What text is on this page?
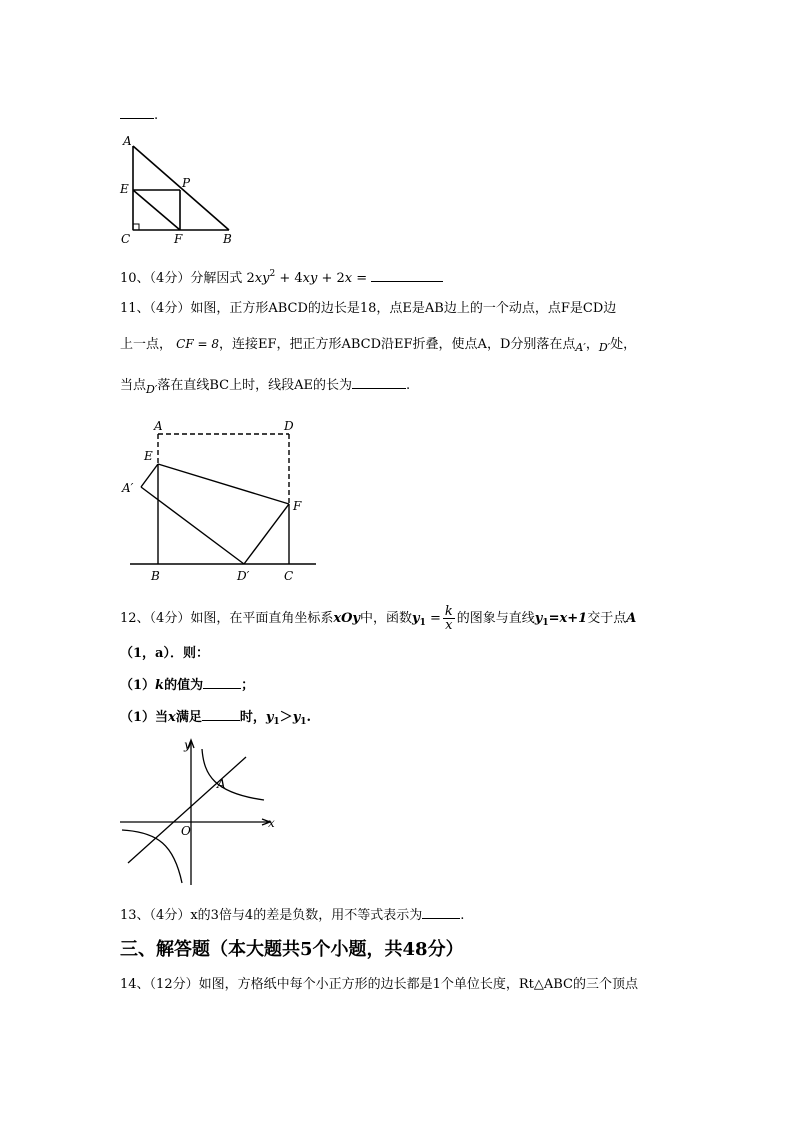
.
A
E	P
C	F	B
10、（4分）分解因式 $2xy^2 + 4xy + 2x$ =
11、（4分）如图，正方形ABCD的边长是18，点E是AB边上的一个动点，点F是CD边
上一点， CF = 8，连接EF，把正方形ABCD沿EF折叠，使点A，D分别落在点$_{A'}$，$_{D'}$处，
当点$_{D'}$落在直线BC上时，线段AE的长为	.
A	D
E
A′
F
B	D′	C
12、（4分）如图，在平面直角坐标系xOy中，函数$y_1 = \frac{k}{x}$ 的图象与直线$y_1=x+1$交于点A
（1，a）．则：
（1）k的值为	；
（1）当x满足	时，$y_1>y_1$.
y
x
O
A
13、（4分）x的3倍与4的差是负数，用不等式表示为	.
三、解答题（本大题共5个小题，共48分）
14、（12分）如图，方格纸中每个小正方形的边长都是1个单位长度，Rt△ABC的三个顶点
